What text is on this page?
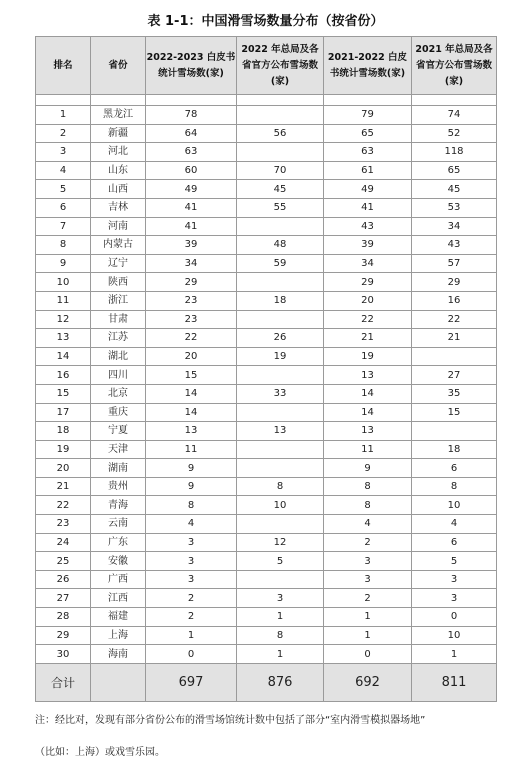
表 1-1：中国滑雪场数量分布（按省份）
排名	省份	2022-2023 白皮书统计雪场数(家)	2022 年总局及各省官方公布雪场数(家)	2021-2022 白皮书统计雪场数(家)	2021 年总局及各省官方公布雪场数(家)

1	黑龙江	78		79	74
2	新疆	64	56	65	52
3	河北	63		63	118
4	山东	60	70	61	65
5	山西	49	45	49	45
6	吉林	41	55	41	53
7	河南	41		43	34
8	内蒙古	39	48	39	43
9	辽宁	34	59	34	57
10	陕西	29		29	29
11	浙江	23	18	20	16
12	甘肃	23		22	22
13	江苏	22	26	21	21
14	湖北	20	19	19	
16	四川	15		13	27
15	北京	14	33	14	35
17	重庆	14		14	15
18	宁夏	13	13	13	
19	天津	11		11	18
20	湖南	9		9	6
21	贵州	9	8	8	8
22	青海	8	10	8	10
23	云南	4		4	4
24	广东	3	12	2	6
25	安徽	3	5	3	5
26	广西	3		3	3
27	江西	2	3	2	3
28	福建	2	1	1	0
29	上海	1	8	1	10
30	海南	0	1	0	1
合计		697	876	692	811
注：经比对，发现有部分省份公布的滑雪场馆统计数中包括了部分“室内滑雪模拟器场地”
（比如：上海）或戏雪乐园。
